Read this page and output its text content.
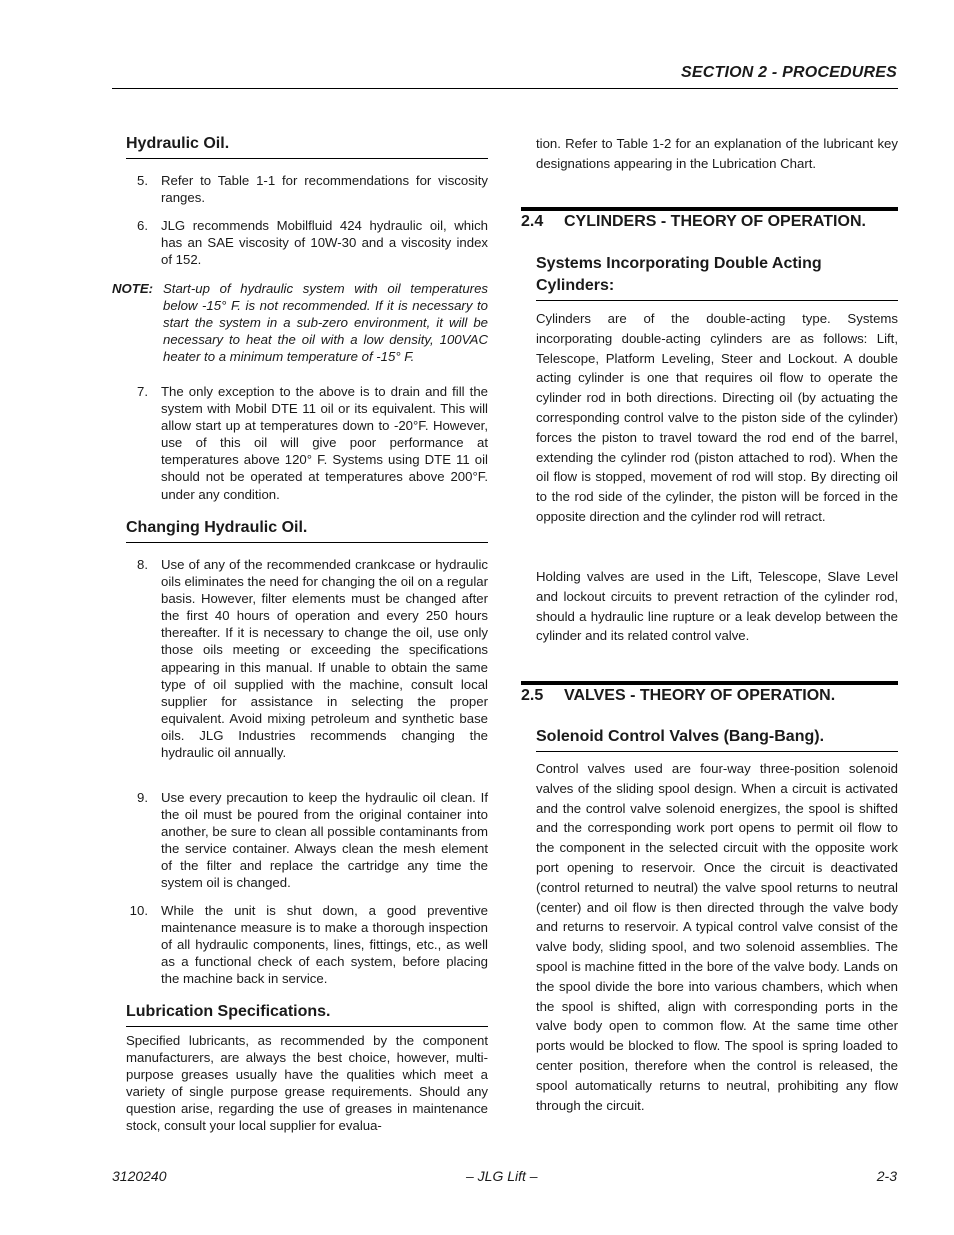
SECTION 2 - PROCEDURES
Hydraulic Oil.
5. Refer to Table 1-1 for recommendations for viscosity ranges.
6. JLG recommends Mobilfluid 424 hydraulic oil, which has an SAE viscosity of 10W-30 and a viscosity index of 152.
NOTE: Start-up of hydraulic system with oil temperatures below -15° F. is not recommended. If it is necessary to start the system in a sub-zero environment, it will be necessary to heat the oil with a low density, 100VAC heater to a minimum temperature of -15° F.
7. The only exception to the above is to drain and fill the system with Mobil DTE 11 oil or its equivalent. This will allow start up at temperatures down to -20°F. However, use of this oil will give poor performance at temperatures above 120° F. Systems using DTE 11 oil should not be operated at temperatures above 200°F. under any condition.
Changing Hydraulic Oil.
8. Use of any of the recommended crankcase or hydraulic oils eliminates the need for changing the oil on a regular basis. However, filter elements must be changed after the first 40 hours of operation and every 250 hours thereafter. If it is necessary to change the oil, use only those oils meeting or exceeding the specifications appearing in this manual. If unable to obtain the same type of oil supplied with the machine, consult local supplier for assistance in selecting the proper equivalent. Avoid mixing petroleum and synthetic base oils. JLG Industries recommends changing the hydraulic oil annually.
9. Use every precaution to keep the hydraulic oil clean. If the oil must be poured from the original container into another, be sure to clean all possible contaminants from the service container. Always clean the mesh element of the filter and replace the cartridge any time the system oil is changed.
10. While the unit is shut down, a good preventive maintenance measure is to make a thorough inspection of all hydraulic components, lines, fittings, etc., as well as a functional check of each system, before placing the machine back in service.
Lubrication Specifications.
Specified lubricants, as recommended by the component manufacturers, are always the best choice, however, multi-purpose greases usually have the qualities which meet a variety of single purpose grease requirements. Should any question arise, regarding the use of greases in maintenance stock, consult your local supplier for evalua-
tion. Refer to Table 1-2 for an explanation of the lubricant key designations appearing in the Lubrication Chart.
2.4 CYLINDERS - THEORY OF OPERATION.
Systems Incorporating Double Acting
Cylinders:
Cylinders are of the double-acting type. Systems incorporating double-acting cylinders are as follows: Lift, Telescope, Platform Leveling, Steer and Lockout. A double acting cylinder is one that requires oil flow to operate the cylinder rod in both directions. Directing oil (by actuating the corresponding control valve to the piston side of the cylinder) forces the piston to travel toward the rod end of the barrel, extending the cylinder rod (piston attached to rod). When the oil flow is stopped, movement of rod will stop. By directing oil to the rod side of the cylinder, the piston will be forced in the opposite direction and the cylinder rod will retract.
Holding valves are used in the Lift, Telescope, Slave Level and lockout circuits to prevent retraction of the cylinder rod, should a hydraulic line rupture or a leak develop between the cylinder and its related control valve.
2.5 VALVES - THEORY OF OPERATION.
Solenoid Control Valves (Bang-Bang).
Control valves used are four-way three-position solenoid valves of the sliding spool design. When a circuit is activated and the control valve solenoid energizes, the spool is shifted and the corresponding work port opens to permit oil flow to the component in the selected circuit with the opposite work port opening to reservoir. Once the circuit is deactivated (control returned to neutral) the valve spool returns to neutral (center) and oil flow is then directed through the valve body and returns to reservoir. A typical control valve consist of the valve body, sliding spool, and two solenoid assemblies. The spool is machine fitted in the bore of the valve body. Lands on the spool divide the bore into various chambers, which when the spool is shifted, align with corresponding ports in the valve body open to common flow. At the same time other ports would be blocked to flow. The spool is spring loaded to center position, therefore when the control is released, the spool automatically returns to neutral, prohibiting any flow through the circuit.
3120240	– JLG Lift –	2-3
